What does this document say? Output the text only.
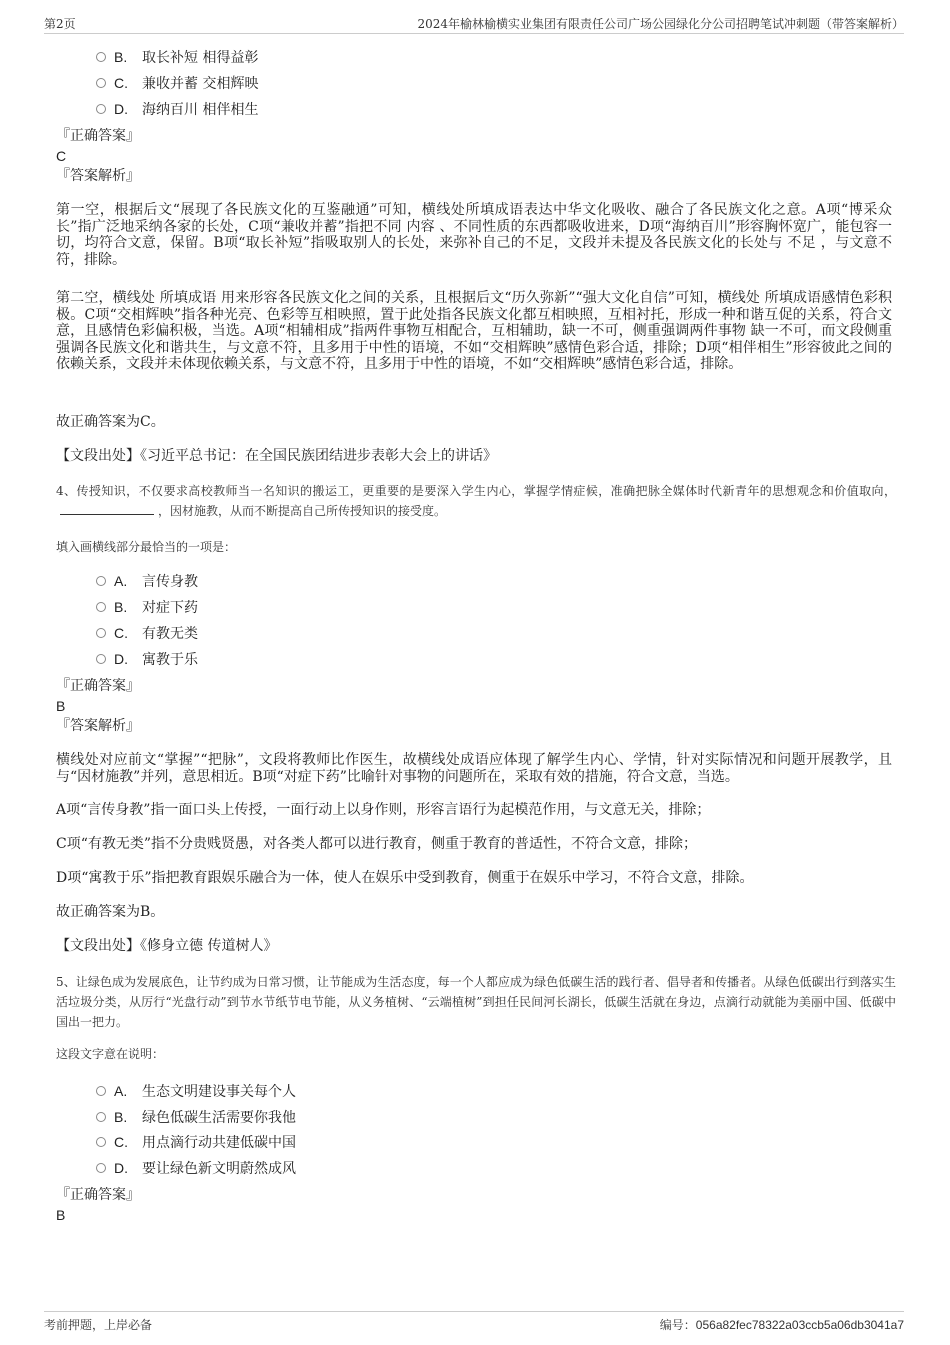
第2页	2024年榆林榆横实业集团有限责任公司广场公园绿化分公司招聘笔试冲刺题（带答案解析）
B. 取长补短 相得益彰
C. 兼收并蓄 交相辉映
D. 海纳百川 相伴相生
『正确答案』
C
『答案解析』
第一空，根据后文“展现了各民族文化的互鉴融通”可知，横线处所填成语表达中华文化吸收、融合了各民族文化之意。A项“博采众长”指广泛地采纳各家的长处，C项“兼收并蓄”指把不同 内容 、不同性质的东西都吸收进来，D项“海纳百川”形容胸怀宽广，能包容一切，均符合文意，保留。B项“取长补短”指吸取别人的长处，来弥补自己的不足，文段并未提及各民族文化的长处与 不足 ，与文意不符，排除。
第二空，横线处 所填成语 用来形容各民族文化之间的关系，且根据后文“历久弥新”“强大文化自信”可知，横线处 所填成语感情色彩积极。C项“交相辉映”指各种光亮、色彩等互相映照，置于此处指各民族文化都互相映照，互相衬托，形成一种和谐互促的关系，符合文意，且感情色彩偏积极，当选。A项“相辅相成”指两件事物互相配合，互相辅助，缺一不可，侧重强调两件事物 缺一不可，而文段侧重强调各民族文化和谐共生，与文意不符，且多用于中性的语境，不如“交相辉映”感情色彩合适，排除；D项“相伴相生”形容彼此之间的依赖关系，文段并未体现依赖关系，与文意不符，且多用于中性的语境，不如“交相辉映”感情色彩合适，排除。
故正确答案为C。
【文段出处】《习近平总书记：在全国民族团结进步表彰大会上的讲话》
4、传授知识，不仅要求高校教师当一名知识的搬运工，更重要的是要深入学生内心，掌握学情症候，准确把脉全媒体时代新青年的思想观念和价值取向，，因材施教，从而不断提高自己所传授知识的接受度。
填入画横线部分最恰当的一项是：
A. 言传身教
B. 对症下药
C. 有教无类
D. 寓教于乐
『正确答案』
B
『答案解析』
横线处对应前文“掌握”“把脉”，文段将教师比作医生，故横线处成语应体现了解学生内心、学情，针对实际情况和问题开展教学，且与“因材施教”并列，意思相近。B项“对症下药”比喻针对事物的问题所在，采取有效的措施，符合文意，当选。
A项“言传身教”指一面口头上传授，一面行动上以身作则，形容言语行为起模范作用，与文意无关，排除；
C项“有教无类”指不分贵贱贤愚，对各类人都可以进行教育，侧重于教育的普适性，不符合文意，排除；
D项“寓教于乐”指把教育跟娱乐融合为一体，使人在娱乐中受到教育，侧重于在娱乐中学习，不符合文意，排除。
故正确答案为B。
【文段出处】《修身立德 传道树人》
5、让绿色成为发展底色，让节约成为日常习惯，让节能成为生活态度，每一个人都应成为绿色低碳生活的践行者、倡导者和传播者。从绿色低碳出行到落实生活垃圾分类，从厉行“光盘行动”到节水节纸节电节能，从义务植树、“云端植树”到担任民间河长湖长，低碳生活就在身边，点滴行动就能为美丽中国、低碳中国出一把力。
这段文字意在说明：
A. 生态文明建设事关每个人
B. 绿色低碳生活需要你我他
C. 用点滴行动共建低碳中国
D. 要让绿色新文明蔚然成风
『正确答案』
B
考前押题，上岸必备	编号：056a82fec78322a03ccb5a06db3041a7
